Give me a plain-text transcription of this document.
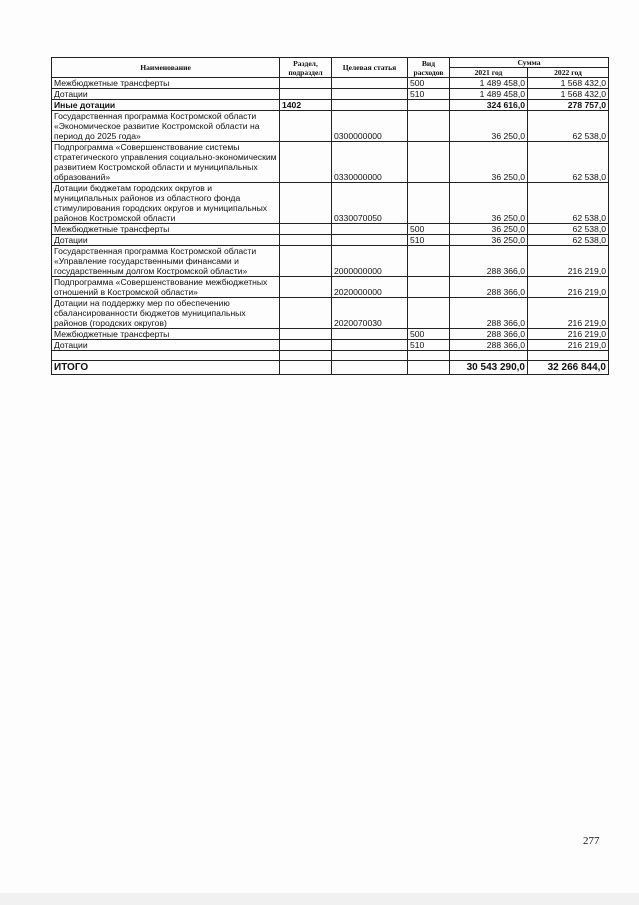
Наименование	Раздел, подраздел	Целевая статья	Вид расходов	Сумма	
				2021 год	2022 год
Межбюджетные трансферты			500	1 489 458,0	1 568 432,0
Дотации			510	1 489 458,0	1 568 432,0
Иные дотации	1402			324 616,0	278 757,0
Государственная программа Костромской области «Экономическое развитие Костромской области на период до 2025 года»		0300000000		36 250,0	62 538,0
Подпрограмма «Совершенствование системы стратегического управления социально-экономическим развитием Костромской области и муниципальных образований»		0330000000		36 250,0	62 538,0
Дотации бюджетам городских округов и муниципальных районов из областного фонда стимулирования городских округов и муниципальных районов Костромской области		0330070050		36 250,0	62 538,0
Межбюджетные трансферты			500	36 250,0	62 538,0
Дотации			510	36 250,0	62 538,0
Государственная программа Костромской области «Управление государственными финансами и государственным долгом Костромской области»		2000000000		288 366,0	216 219,0
Подпрограмма «Совершенствование межбюджетных отношений в Костромской области»		2020000000		288 366,0	216 219,0
Дотации на поддержку мер по обеспечению сбалансированности бюджетов муниципальных районов (городских округов)		2020070030		288 366,0	216 219,0
Межбюджетные трансферты			500	288 366,0	216 219,0
Дотации			510	288 366,0	216 219,0

ИТОГО				30 543 290,0	32 266 844,0
277
